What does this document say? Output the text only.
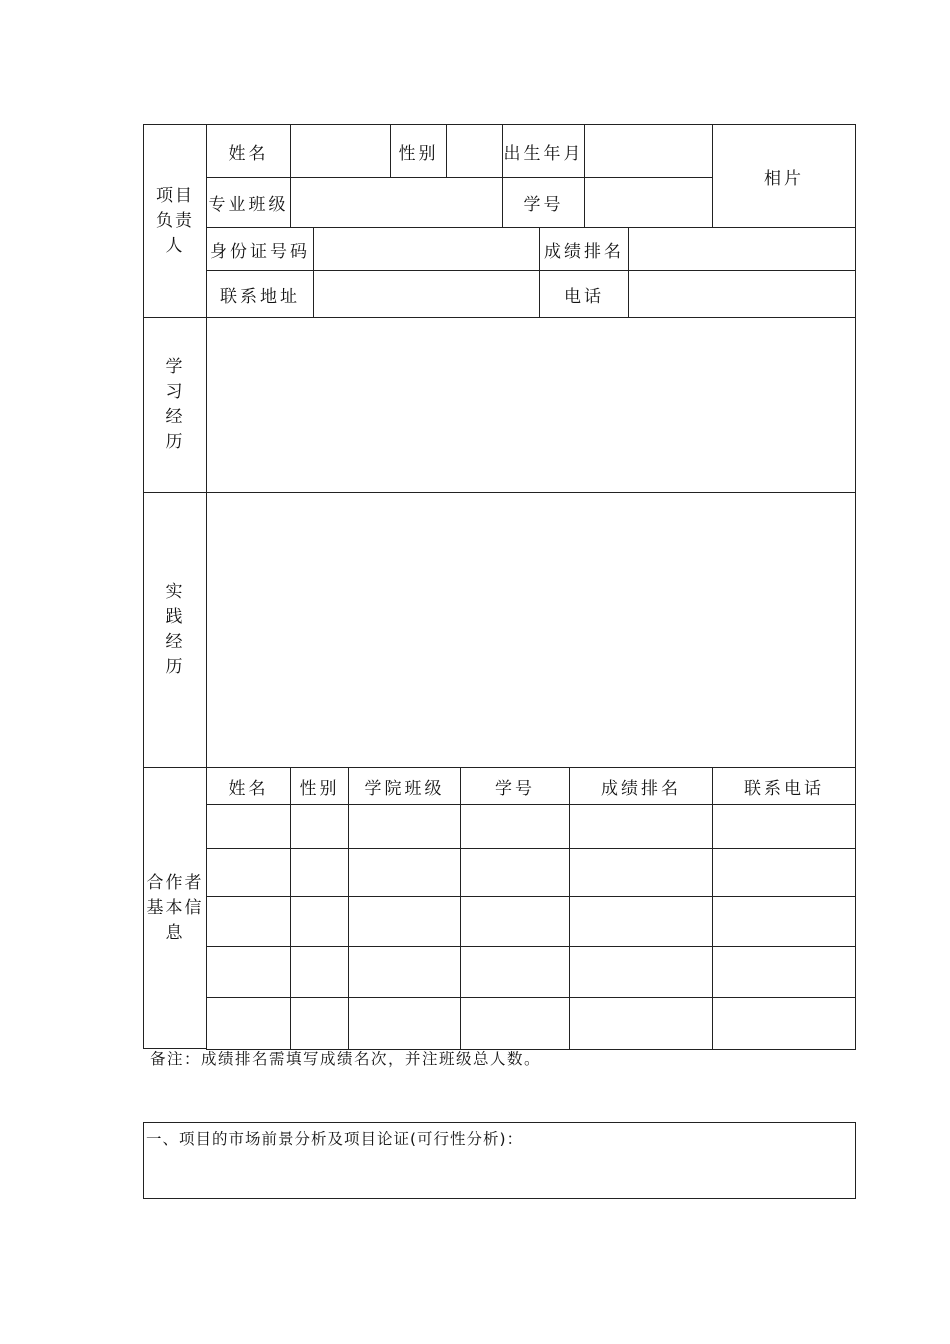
项目
负责
人
姓名	性别	出生年月
相片
专业班级	学号
身份证号码	成绩排名
联系地址	电话
学
习
经
历
实
践
经
历
合作者
基本信
息
姓名 性别 学院班级	学号	成绩排名	联系电话
备注：成绩排名需填写成绩名次，并注班级总人数。
一、项目的市场前景分析及项目论证(可行性分析)：
